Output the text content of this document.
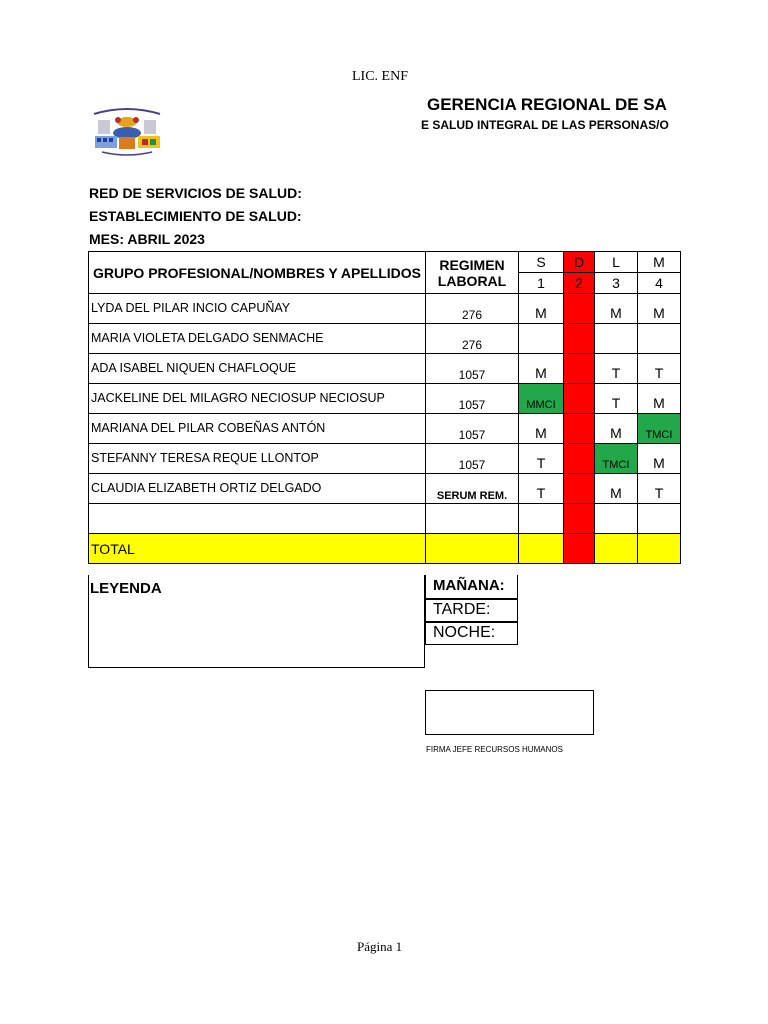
LIC. ENF
GERENCIA REGIONAL DE SA
E SALUD INTEGRAL DE LAS PERSONAS/O
RED DE SERVICIOS DE SALUD:
ESTABLECIMIENTO DE SALUD:
MES: ABRIL 2023
GRUPO PROFESIONAL/NOMBRES Y APELLIDOS	REGIMEN LABORAL	S	D	L	M
		1	2	3	4
LYDA DEL PILAR INCIO CAPUÑAY	276	M		M	M
MARIA VIOLETA DELGADO SENMACHE	276				
ADA ISABEL NIQUEN CHAFLOQUE	1057	M		T	T
JACKELINE DEL MILAGRO NECIOSUP NECIOSUP	1057	MMCI		T	M
MARIANA DEL PILAR COBEÑAS ANTÓN	1057	M		M	TMCI
STEFANNY TERESA REQUE LLONTOP	1057	T		TMCI	M
CLAUDIA ELIZABETH ORTIZ DELGADO	SERUM REM.	T		M	T

TOTAL					
LEYENDA	MAÑANA:
TARDE:
NOCHE:
FIRMA JEFE RECURSOS HUMANOS
Página 1
